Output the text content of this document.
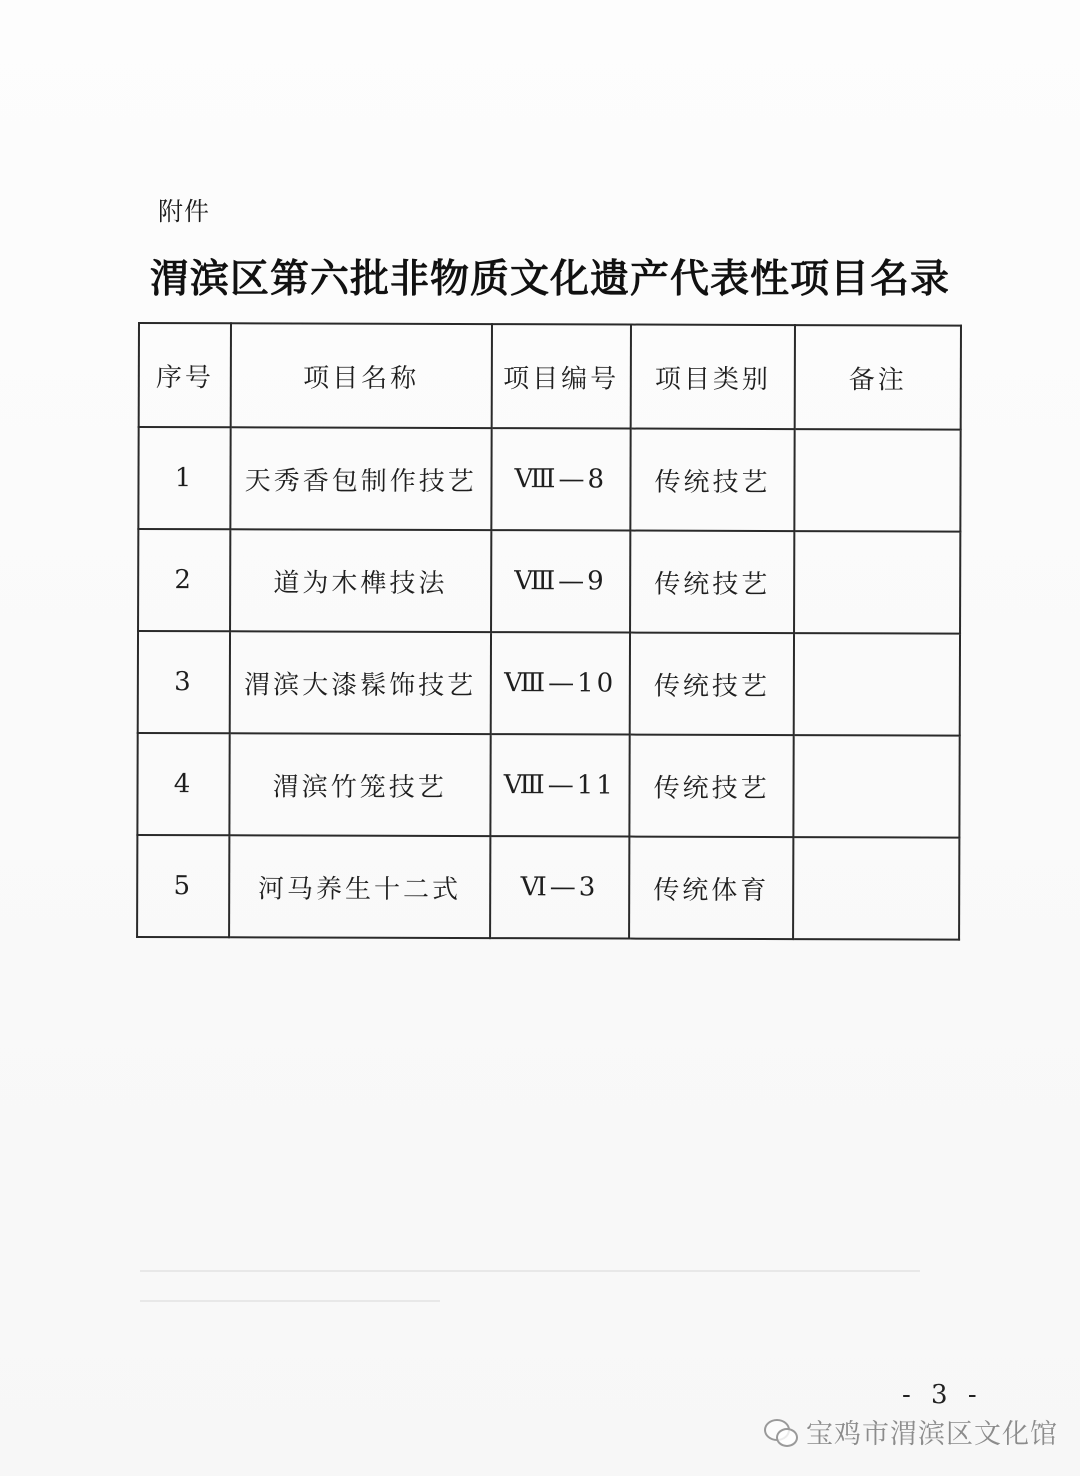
附件
渭滨区第六批非物质文化遗产代表性项目名录
序号	项目名称	项目编号	项目类别	备注
1	天秀香包制作技艺	Ⅷ—8	传统技艺	
2	道为木榫技法	Ⅷ—9	传统技艺	
3	渭滨大漆髹饰技艺	Ⅷ—10	传统技艺	
4	渭滨竹笼技艺	Ⅷ—11	传统技艺	
5	河马养生十二式	Ⅵ—3	传统体育	
- 3 -
宝鸡市渭滨区文化馆
